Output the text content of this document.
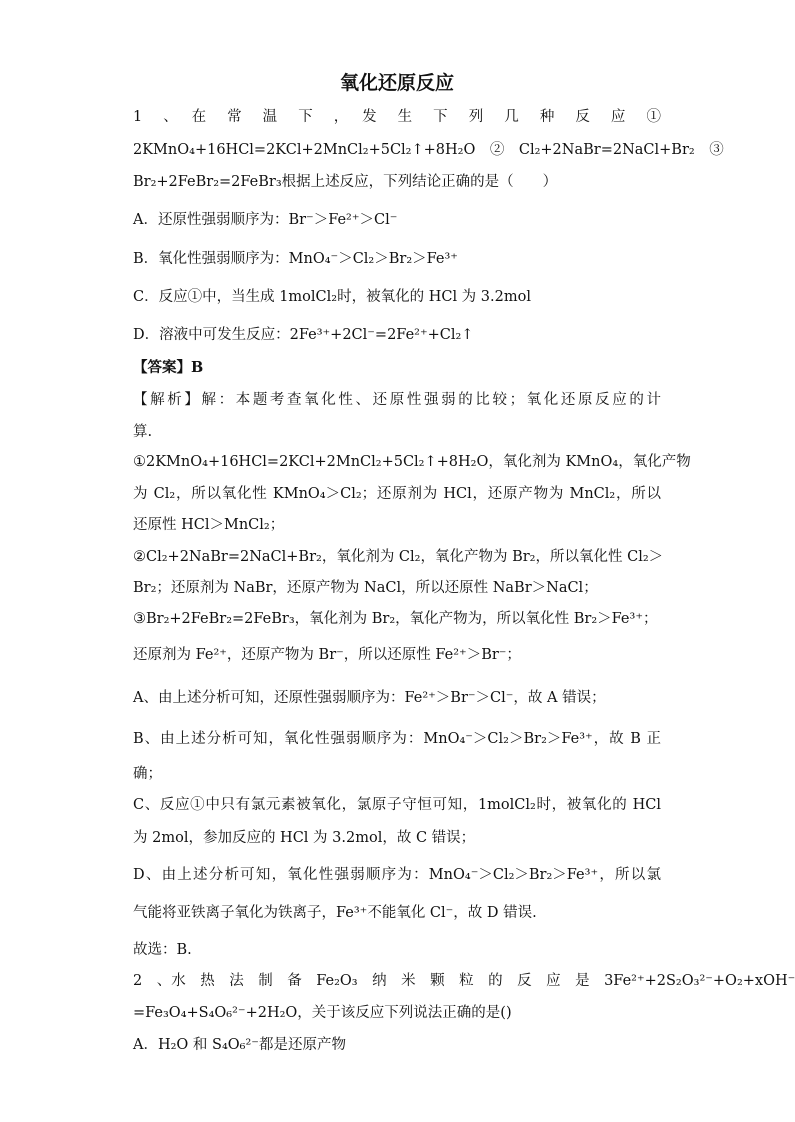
氧化还原反应
1　、　在　常　温　下　，　发　生　下　列　几　种　反　应　①
2KMnO₄+16HCl=2KCl+2MnCl₂+5Cl₂↑+8H₂O　②　Cl₂+2NaBr=2NaCl+Br₂　③
Br₂+2FeBr₂=2FeBr₃根据上述反应，下列结论正确的是（　　）
A．还原性强弱顺序为：Br⁻＞Fe²⁺＞Cl⁻
B．氧化性强弱顺序为：MnO₄⁻＞Cl₂＞Br₂＞Fe³⁺
C．反应①中，当生成 1molCl₂时，被氧化的 HCl 为 3.2mol
D．溶液中可发生反应：2Fe³⁺+2Cl⁻=2Fe²⁺+Cl₂↑
【答案】B
【解析】解：本题考查氧化性、还原性强弱的比较；氧化还原反应的计
算.
①2KMnO₄+16HCl=2KCl+2MnCl₂+5Cl₂↑+8H₂O，氧化剂为 KMnO₄，氧化产物
为 Cl₂，所以氧化性 KMnO₄＞Cl₂；还原剂为 HCl，还原产物为 MnCl₂，所以
还原性 HCl＞MnCl₂；
②Cl₂+2NaBr=2NaCl+Br₂，氧化剂为 Cl₂，氧化产物为 Br₂，所以氧化性 Cl₂＞
Br₂；还原剂为 NaBr，还原产物为 NaCl，所以还原性 NaBr＞NaCl；
③Br₂+2FeBr₂=2FeBr₃，氧化剂为 Br₂，氧化产物为，所以氧化性 Br₂＞Fe³⁺；
还原剂为 Fe²⁺，还原产物为 Br⁻，所以还原性 Fe²⁺＞Br⁻；
A、由上述分析可知，还原性强弱顺序为：Fe²⁺＞Br⁻＞Cl⁻，故 A 错误；
B、由上述分析可知，氧化性强弱顺序为：MnO₄⁻＞Cl₂＞Br₂＞Fe³⁺，故 B 正
确；
C、反应①中只有氯元素被氧化，氯原子守恒可知，1molCl₂时，被氧化的 HCl
为 2mol，参加反应的 HCl 为 3.2mol，故 C 错误；
D、由上述分析可知，氧化性强弱顺序为：MnO₄⁻＞Cl₂＞Br₂＞Fe³⁺，所以氯
气能将亚铁离子氧化为铁离子，Fe³⁺不能氧化 Cl⁻，故 D 错误.
故选：B.
2　、水　热　法　制　备　Fe₂O₃　纳　米　颗　粒　的　反　应　是　3Fe²⁺+2S₂O₃²⁻+O₂+xOH⁻
=Fe₃O₄+S₄O₆²⁻+2H₂O，关于该反应下列说法正确的是()
A．H₂O 和 S₄O₆²⁻都是还原产物
